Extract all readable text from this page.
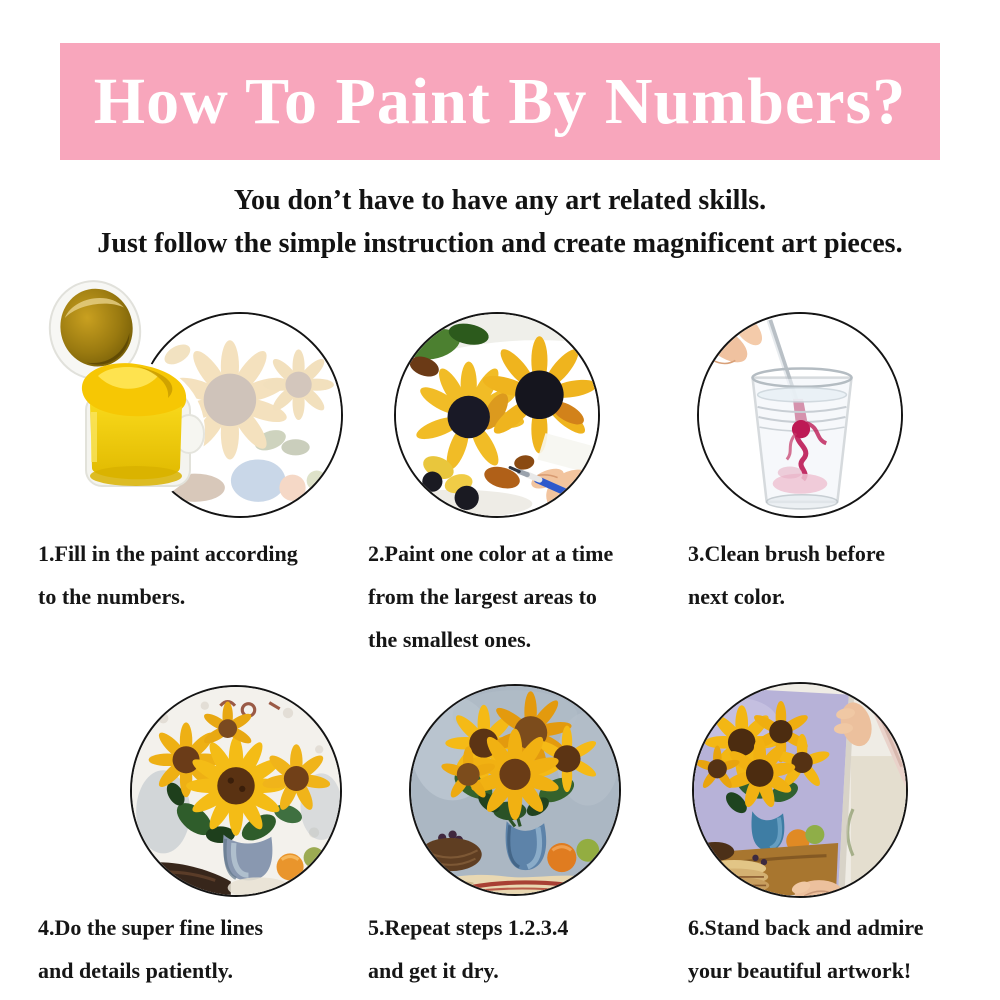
How To Paint By Numbers?

You don’t have to have any art related skills.

Just follow the simple instruction and create magnificent art pieces.

1.Fill in the paint according
to the numbers.
2.Paint one color at a time
from the largest areas to
the smallest ones.
3.Clean brush before
next color.
4.Do the super fine lines
and details patiently.
5.Repeat steps 1.2.3.4
and get it dry.
6.Stand back and admire
your beautiful artwork!
